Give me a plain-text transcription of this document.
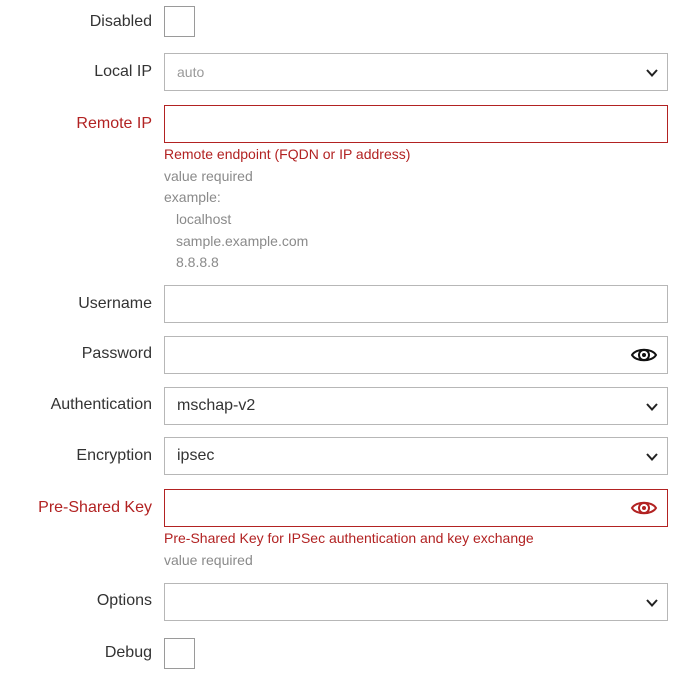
Disabled
Local IP auto
Remote IP
Remote endpoint (FQDN or IP address)
value required
example:
localhost
sample.example.com
8.8.8.8
Username
Password
Authentication mschap-v2
Encryption ipsec
Pre-Shared Key
Pre-Shared Key for IPSec authentication and key exchange
value required
Options
Debug
